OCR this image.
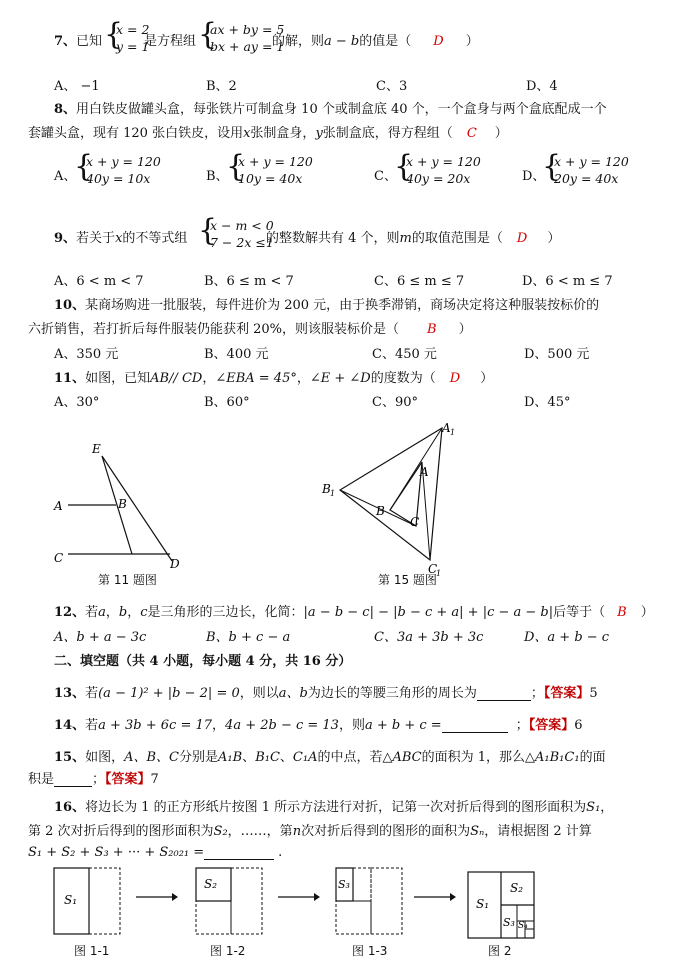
7、已知 {
x = 2
y = 1
是方程组 {
ax + by = 5
bx + ay = 1
的解，则a − b的值是（ D ）
A、 −1	B、2	C、3	D、4
8、用白铁皮做罐头盒，每张铁片可制盒身 10 个或制盒底 40 个，一个盒身与两个盒底配成一个
套罐头盒，现有 120 张白铁皮，设用x张制盒身，y张制盒底，得方程组（ C ）
A、
{
x + y = 120
40y = 10x	B、
{
x + y = 120
10y = 40x	C、
{
x + y = 120
40y = 20x	D、
{
x + y = 120
20y = 40x
9、若关于x的不等式组 {
x − m < 0
7 − 2x ≤1
的整数解共有 4 个，则m的取值范围是（ D ）
A、6 < m < 7	B、6 ≤ m < 7	C、6 ≤ m ≤ 7	D、6 < m ≤ 7
10、某商场购进一批服装，每件进价为 200 元，由于换季滞销，商场决定将这种服装按标价的
六折销售，若打折后每件服装仍能获利 20%，则该服装标价是（ B ）
A、350 元	B、400 元	C、450 元	D、500 元
11、如图，已知AB// CD，∠EBA = 45°，∠E + ∠D的度数为（ D ）
A、30°	B、60°	C、90°	D、45°
E
A	B
C	D
第 11 题图
A 1
B 1
C
1
A
B
C
第 15 题图
12、若a，b，c是三角形的三边长，化简：|a − b − c| − |b − c + a| + |c − a − b|后等于（ B ）
A、b + a − 3c	B、b + c − a	C、3a + 3b + 3c	D、a + b − c
二、填空题（共 4 小题，每小题 4 分，共 16 分）
13、若(a − 1)² + |b − 2| = 0，则以a、b为边长的等腰三角形的周长为	；【答案】5
14、若a + 3b + 6c = 17，4a + 2b − c = 13，则a + b + c =	；【答案】6
15、如图，A、B、C分别是A₁B、B₁C、C₁A的中点，若△ABC的面积为 1，那么△A₁B₁C₁的面
积是	；【答案】7
16、将边长为 1 的正方形纸片按图 1 所示方法进行对折，记第一次对折后得到的图形面积为S₁，
第 2 次对折后得到的图形面积为S₂，……，第n次对折后得到的图形的面积为Sₙ，请根据图 2 计算
S₁ + S₂ + S₃ + ··· + S₂₀₂₁ =	.
S₁
图 1-1
S₂
图 1-2
S₃
图 1-3
S₁
S₂
S₃ S₄
图 2
